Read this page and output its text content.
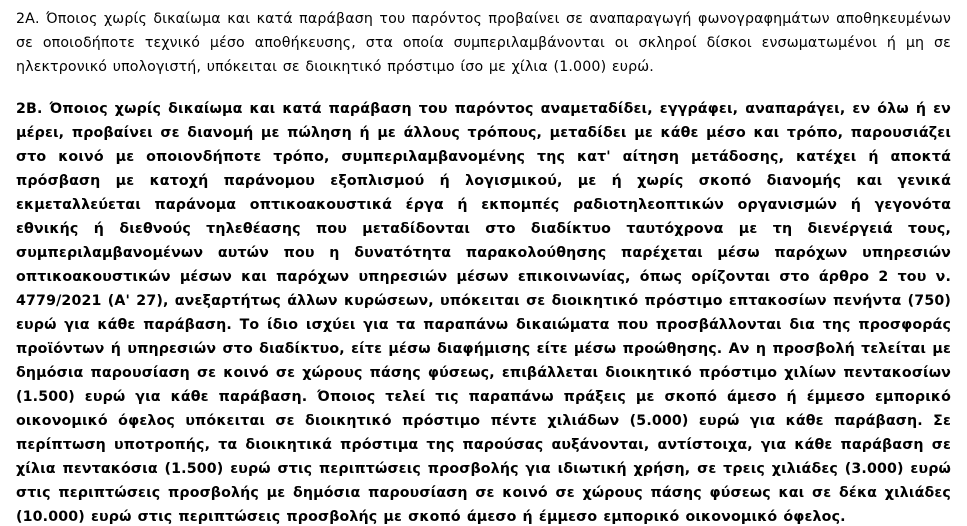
2Α. Όποιος χωρίς δικαίωμα και κατά παράβαση του παρόντος προβαίνει σε αναπαραγωγή φωνογραφημάτων αποθηκευμένων σε οποιοδήποτε τεχνικό μέσο αποθήκευσης, στα οποία συμπεριλαμβάνονται οι σκληροί δίσκοι ενσωματωμένοι ή μη σε ηλεκτρονικό υπολογιστή, υπόκειται σε διοικητικό πρόστιμο ίσο με χίλια (1.000) ευρώ.

2Β. Όποιος χωρίς δικαίωμα και κατά παράβαση του παρόντος αναμεταδίδει, εγγράφει, αναπαράγει, εν όλω ή εν μέρει, προβαίνει σε διανομή με πώληση ή με άλλους τρόπους, μεταδίδει με κάθε μέσο και τρόπο, παρουσιάζει στο κοινό με οποιονδήποτε τρόπο, συμπεριλαμβανομένης της κατ' αίτηση μετάδοσης, κατέχει ή αποκτά πρόσβαση με κατοχή παράνομου εξοπλισμού ή λογισμικού, με ή χωρίς σκοπό διανομής και γενικά εκμεταλλεύεται παράνομα οπτικοακουστικά έργα ή εκπομπές ραδιοτηλεοπτικών οργανισμών ή γεγονότα εθνικής ή διεθνούς τηλεθέασης που μεταδίδονται στο διαδίκτυο ταυτόχρονα με τη διενέργειά τους, συμπεριλαμβανομένων αυτών που η δυνατότητα παρακολούθησης παρέχεται μέσω παρόχων υπηρεσιών οπτικοακουστικών μέσων και παρόχων υπηρεσιών μέσων επικοινωνίας, όπως ορίζονται στο άρθρο 2 του ν. 4779/2021 (Α' 27), ανεξαρτήτως άλλων κυρώσεων, υπόκειται σε διοικητικό πρόστιμο επτακοσίων πενήντα (750) ευρώ για κάθε παράβαση. Το ίδιο ισχύει για τα παραπάνω δικαιώματα που προσβάλλονται δια της προσφοράς προϊόντων ή υπηρεσιών στο διαδίκτυο, είτε μέσω διαφήμισης είτε μέσω προώθησης. Αν η προσβολή τελείται με δημόσια παρουσίαση σε κοινό σε χώρους πάσης φύσεως, επιβάλλεται διοικητικό πρόστιμο χιλίων πεντακοσίων (1.500) ευρώ για κάθε παράβαση. Όποιος τελεί τις παραπάνω πράξεις με σκοπό άμεσο ή έμμεσο εμπορικό οικονομικό όφελος υπόκειται σε διοικητικό πρόστιμο πέντε χιλιάδων (5.000) ευρώ για κάθε παράβαση. Σε περίπτωση υποτροπής, τα διοικητικά πρόστιμα της παρούσας αυξάνονται, αντίστοιχα, για κάθε παράβαση σε χίλια πεντακόσια (1.500) ευρώ στις περιπτώσεις προσβολής για ιδιωτική χρήση, σε τρεις χιλιάδες (3.000) ευρώ στις περιπτώσεις προσβολής με δημόσια παρουσίαση σε κοινό σε χώρους πάσης φύσεως και σε δέκα χιλιάδες (10.000) ευρώ στις περιπτώσεις προσβολής με σκοπό άμεσο ή έμμεσο εμπορικό οικονομικό όφελος.
